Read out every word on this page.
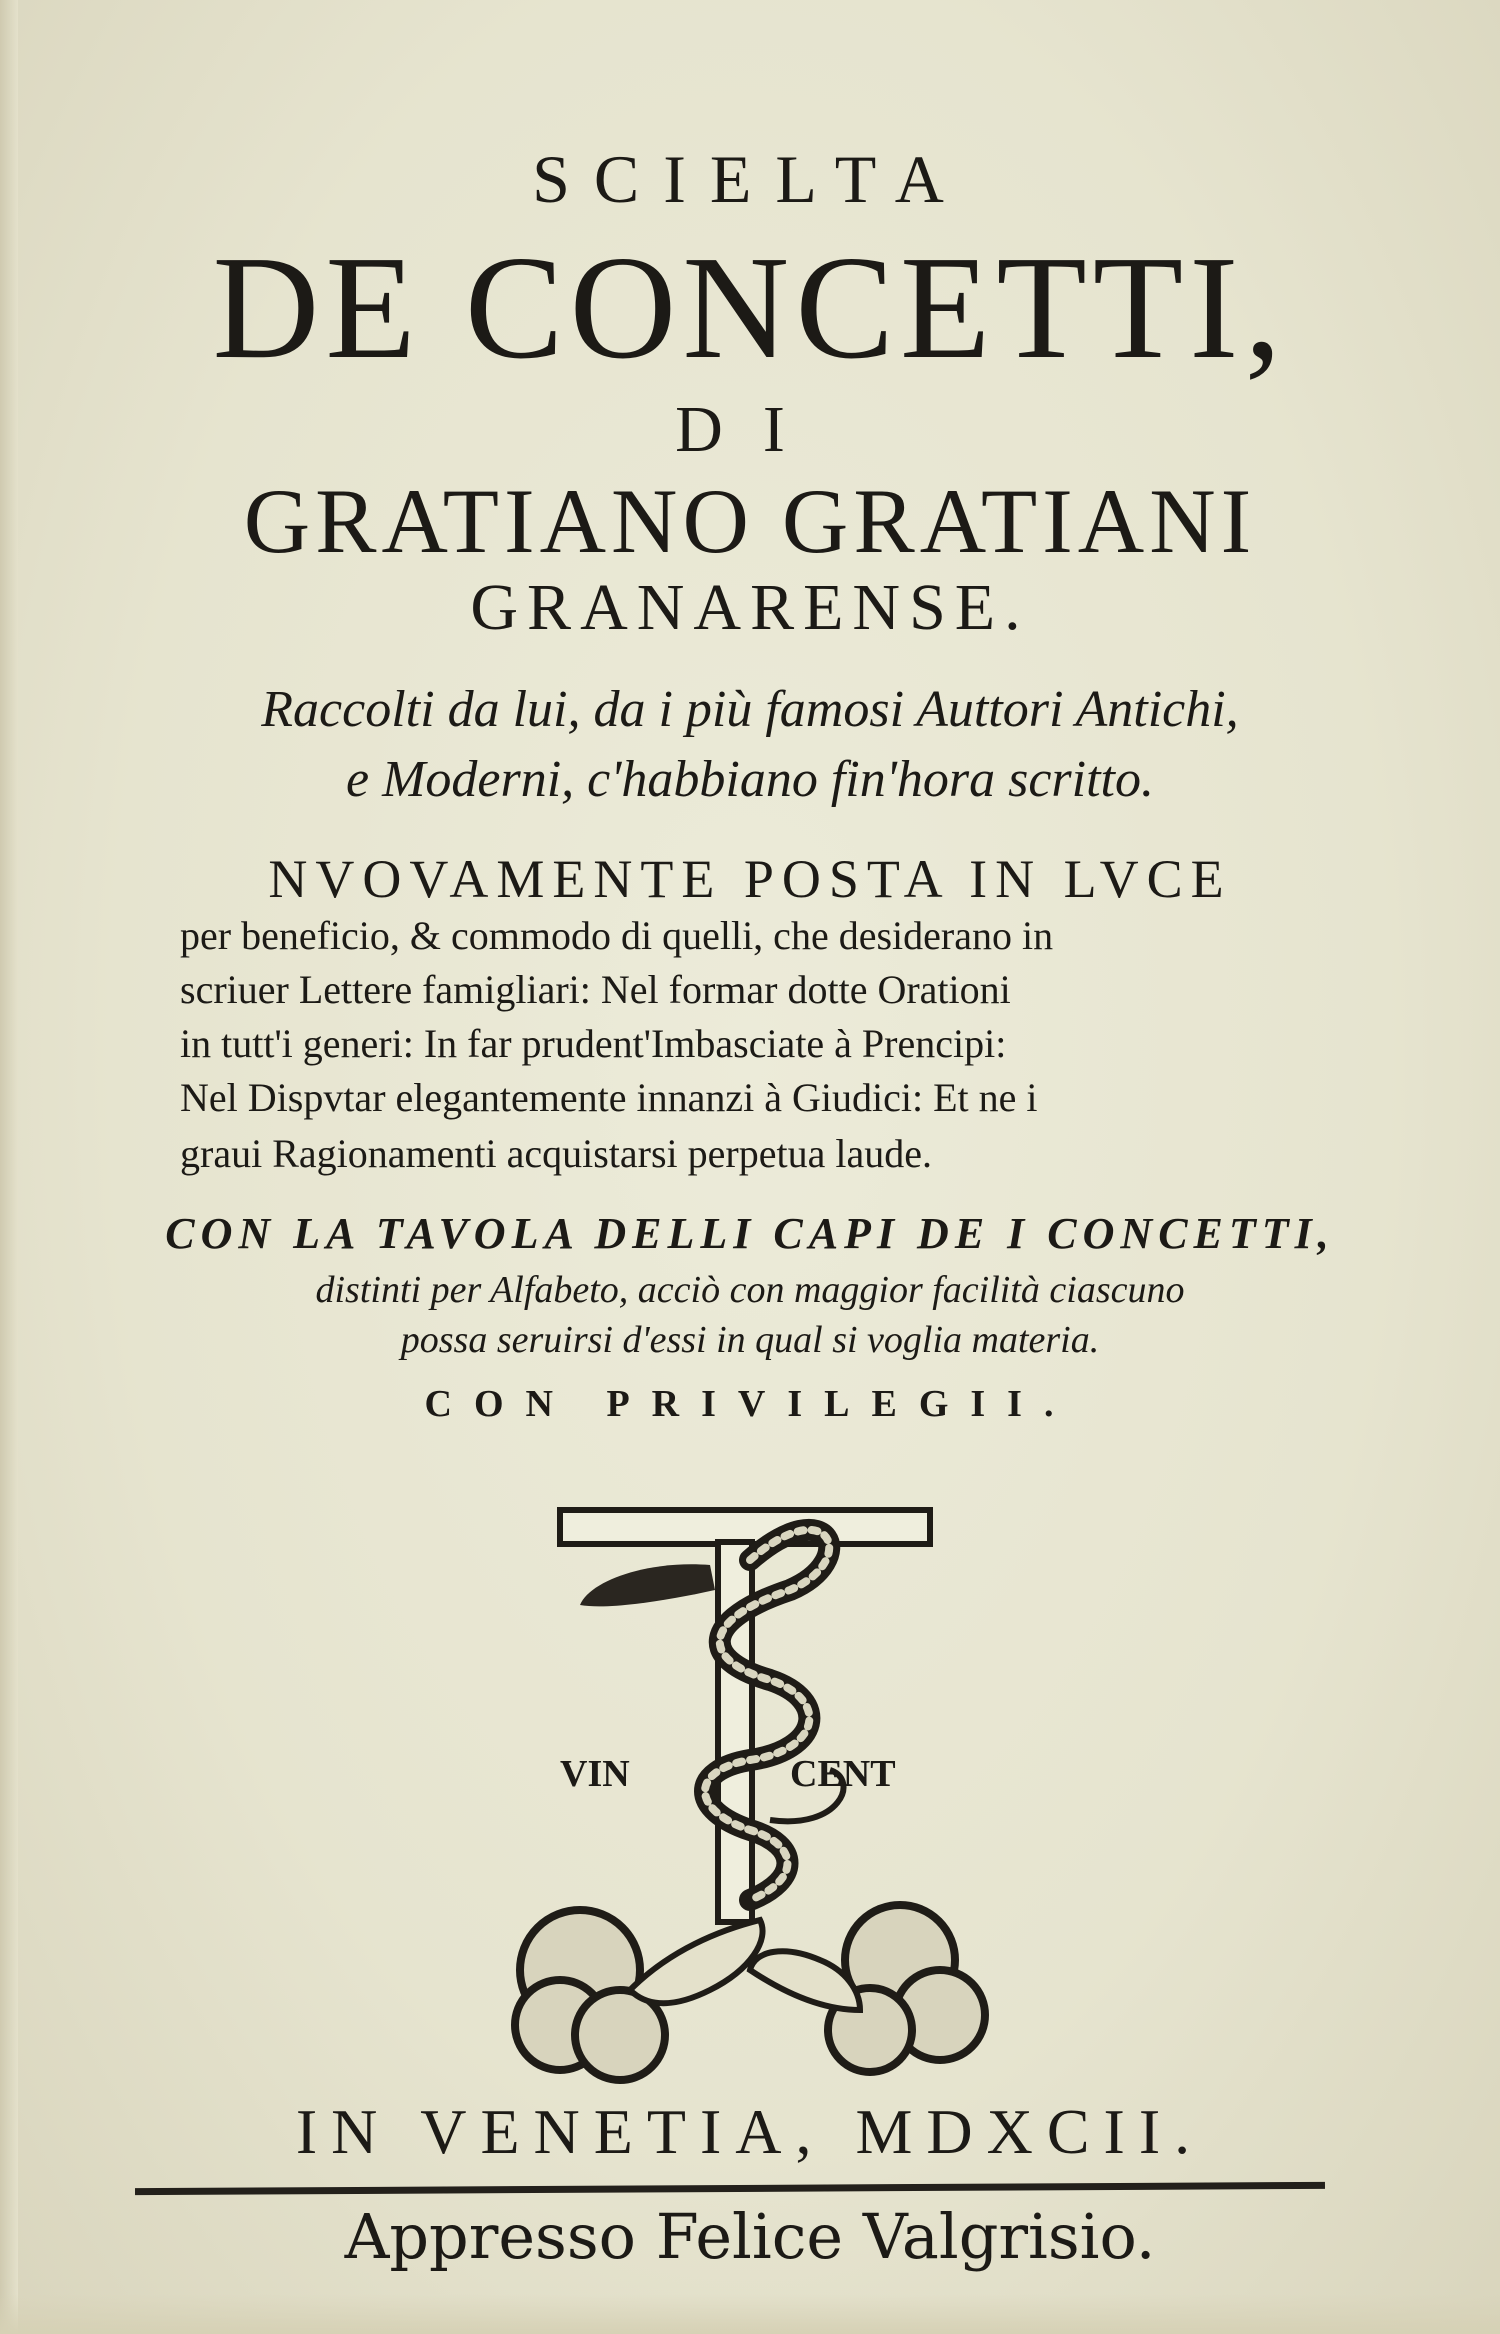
SCIELTA
DE CONCETTI,
DI
GRATIANO GRATIANI
GRANARENSE.
Raccolti da lui, da i più famosi Auttori Antichi,
e Moderni, c'habbiano fin'hora scritto.
NVOVAMENTE POSTA IN LVCE
per beneficio, & commodo di quelli, che desiderano in
scriuer Lettere famigliari: Nel formar dotte Orationi
in tutt'i generi: In far prudent'Imbasciate à Prencipi:
Nel Dispvtar elegantemente innanzi à Giudici: Et ne i
graui Ragionamenti acquistarsi perpetua laude.
CON LA TAVOLA DELLI CAPI DE I CONCETTI,
distinti per Alfabeto, acciò con maggior facilità ciascuno
possa seruirsi d'essi in qual si voglia materia.
CON PRIVILEGII.
VIN	CENT
IN VENETIA, MDXCII.
Appresso Felice Valgrisio.
